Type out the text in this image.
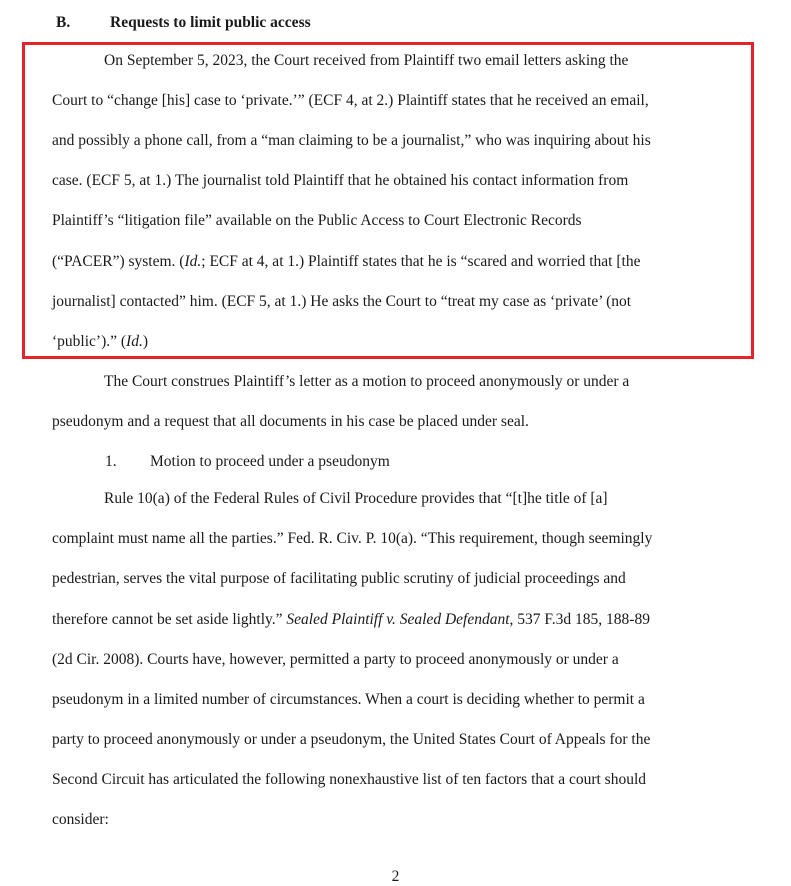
B.	Requests to limit public access
On September 5, 2023, the Court received from Plaintiff two email letters asking the
Court to “change [his] case to ‘private.’” (ECF 4, at 2.) Plaintiff states that he received an email,
and possibly a phone call, from a “man claiming to be a journalist,” who was inquiring about his
case. (ECF 5, at 1.) The journalist told Plaintiff that he obtained his contact information from
Plaintiff’s “litigation file” available on the Public Access to Court Electronic Records
(“PACER”) system. (Id.; ECF at 4, at 1.) Plaintiff states that he is “scared and worried that [the
journalist] contacted” him. (ECF 5, at 1.) He asks the Court to “treat my case as ‘private’ (not
‘public’).” (Id.)
The Court construes Plaintiff’s letter as a motion to proceed anonymously or under a
pseudonym and a request that all documents in his case be placed under seal.
1. Motion to proceed under a pseudonym
Rule 10(a) of the Federal Rules of Civil Procedure provides that “[t]he title of [a]
complaint must name all the parties.” Fed. R. Civ. P. 10(a). “This requirement, though seemingly
pedestrian, serves the vital purpose of facilitating public scrutiny of judicial proceedings and
therefore cannot be set aside lightly.” Sealed Plaintiff v. Sealed Defendant, 537 F.3d 185, 188-89
(2d Cir. 2008). Courts have, however, permitted a party to proceed anonymously or under a
pseudonym in a limited number of circumstances. When a court is deciding whether to permit a
party to proceed anonymously or under a pseudonym, the United States Court of Appeals for the
Second Circuit has articulated the following nonexhaustive list of ten factors that a court should
consider:
2
